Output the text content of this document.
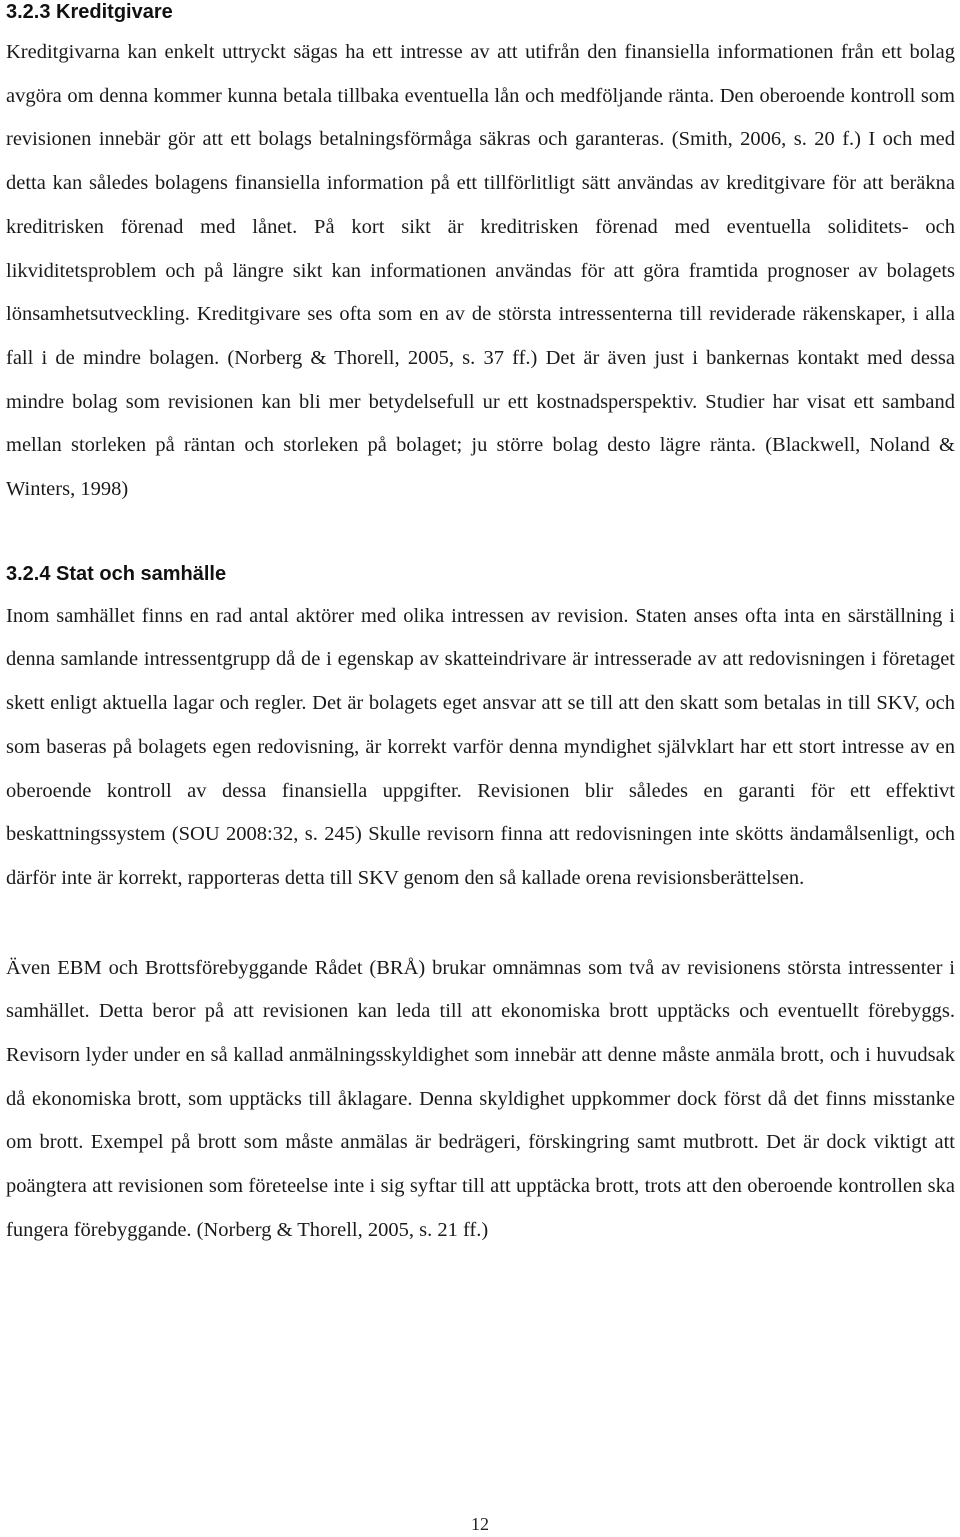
3.2.3 Kreditgivare

Kreditgivarna kan enkelt uttryckt sägas ha ett intresse av att utifrån den finansiella informationen från ett bolag avgöra om denna kommer kunna betala tillbaka eventuella lån och medföljande ränta. Den oberoende kontroll som revisionen innebär gör att ett bolags betalningsförmåga säkras och garanteras. (Smith, 2006, s. 20 f.) I och med detta kan således bolagens finansiella information på ett tillförlitligt sätt användas av kreditgivare för att beräkna kreditrisken förenad med lånet. På kort sikt är kreditrisken förenad med eventuella soliditets- och likviditetsproblem och på längre sikt kan informationen användas för att göra framtida prognoser av bolagets lönsamhetsutveckling. Kreditgivare ses ofta som en av de största intressenterna till reviderade räkenskaper, i alla fall i de mindre bolagen. (Norberg & Thorell, 2005, s. 37 ff.) Det är även just i bankernas kontakt med dessa mindre bolag som revisionen kan bli mer betydelsefull ur ett kostnadsperspektiv. Studier har visat ett samband mellan storleken på räntan och storleken på bolaget; ju större bolag desto lägre ränta. (Blackwell, Noland & Winters, 1998)

3.2.4 Stat och samhälle

Inom samhället finns en rad antal aktörer med olika intressen av revision. Staten anses ofta inta en särställning i denna samlande intressentgrupp då de i egenskap av skatteindrivare är intresserade av att redovisningen i företaget skett enligt aktuella lagar och regler. Det är bolagets eget ansvar att se till att den skatt som betalas in till SKV, och som baseras på bolagets egen redovisning, är korrekt varför denna myndighet självklart har ett stort intresse av en oberoende kontroll av dessa finansiella uppgifter. Revisionen blir således en garanti för ett effektivt beskattningssystem (SOU 2008:32, s. 245) Skulle revisorn finna att redovisningen inte skötts ändamålsenligt, och därför inte är korrekt, rapporteras detta till SKV genom den så kallade orena revisionsberättelsen.

Även EBM och Brottsförebyggande Rådet (BRÅ) brukar omnämnas som två av revisionens största intressenter i samhället. Detta beror på att revisionen kan leda till att ekonomiska brott upptäcks och eventuellt förebyggs. Revisorn lyder under en så kallad anmälningsskyldighet som innebär att denne måste anmäla brott, och i huvudsak då ekonomiska brott, som upptäcks till åklagare. Denna skyldighet uppkommer dock först då det finns misstanke om brott. Exempel på brott som måste anmälas är bedrägeri, förskingring samt mutbrott. Det är dock viktigt att poängtera att revisionen som företeelse inte i sig syftar till att upptäcka brott, trots att den oberoende kontrollen ska fungera förebyggande. (Norberg & Thorell, 2005, s. 21 ff.)

12
